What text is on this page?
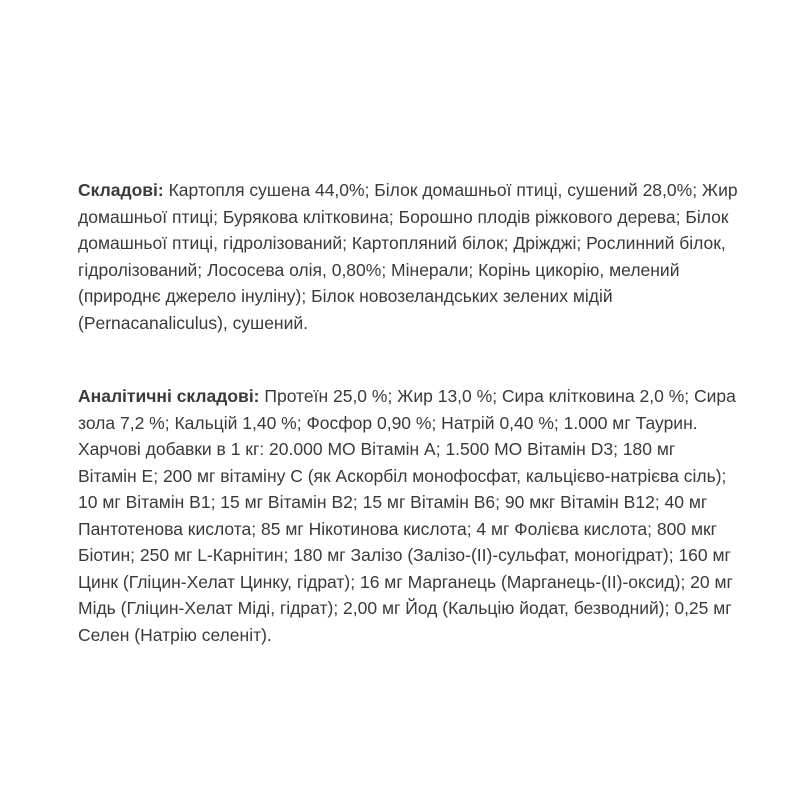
Складові: Картопля сушена 44,0%; Білок домашньої птиці, сушений 28,0%; Жир домашньої птиці; Бурякова клітковина; Борошно плодів ріжкового дерева; Білок домашньої птиці, гідролізований; Картопляний білок; Дріжджі; Рослинний білок, гідролізований; Лососева олія, 0,80%; Мінерали; Корінь цикорію, мелений (природнє джерело інуліну); Білок новозеландських зелених мідій (Pernacanaliculus), сушений.

Аналітичні складові: Протеїн 25,0 %; Жир 13,0 %; Сира клітковина 2,0 %; Сира зола 7,2 %; Кальцій 1,40 %; Фосфор 0,90 %; Натрій 0,40 %; 1.000 мг Таурин. Харчові добавки в 1 кг: 20.000 МО Вітамін A; 1.500 МО Вітамін D3; 180 мг Вітамін E; 200 мг вітаміну С (як Аскорбіл монофосфат, кальцієво-натрієва сіль); 10 мг Вітамін B1; 15 мг Вітамін B2; 15 мг Вітамін B6; 90 мкг Вітамін B12; 40 мг Пантотенова кислота; 85 мг Нікотинова кислота; 4 мг Фолієва кислота; 800 мкг Біотин; 250 мг L-Карнітин; 180 мг Залізо (Залізо-(II)-сульфат, моногідрат); 160 мг Цинк (Гліцин-Хелат Цинку, гідрат); 16 мг Марганець (Марганець-(II)-оксид); 20 мг Мідь (Гліцин-Хелат Міді, гідрат); 2,00 мг Йод (Кальцію йодат, безводний); 0,25 мг Селен (Натрію селеніт).
